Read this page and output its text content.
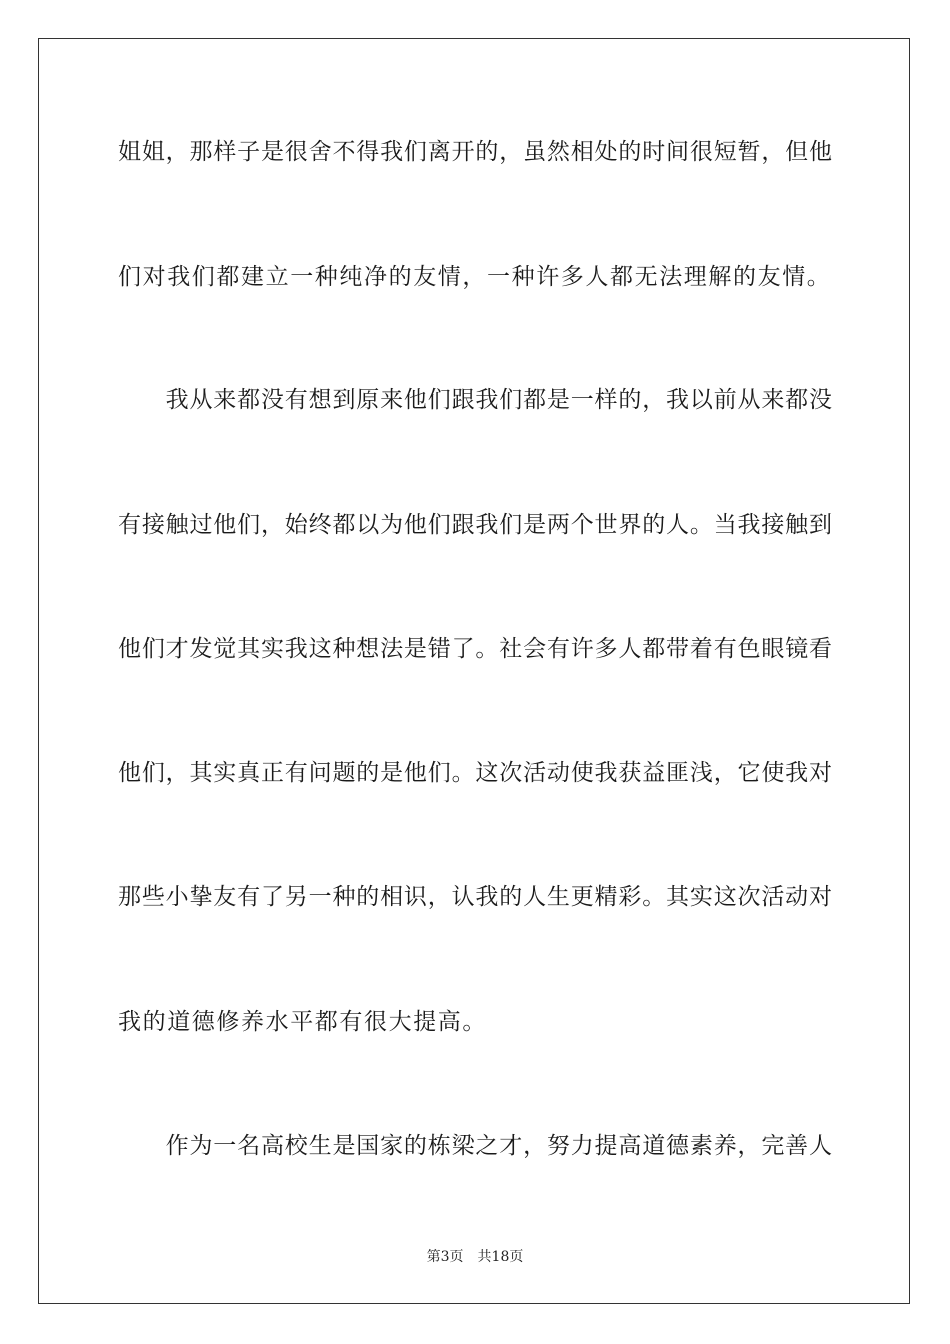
姐姐，那样子是很舍不得我们离开的，虽然相处的时间很短暂，但他
们对我们都建立一种纯净的友情，一种许多人都无法理解的友情。
　　我从来都没有想到原来他们跟我们都是一样的，我以前从来都没
有接触过他们，始终都以为他们跟我们是两个世界的人。当我接触到
他们才发觉其实我这种想法是错了。社会有许多人都带着有色眼镜看
他们，其实真正有问题的是他们。这次活动使我获益匪浅，它使我对
那些小挚友有了另一种的相识，认我的人生更精彩。其实这次活动对
我的道德修养水平都有很大提高。
　　作为一名高校生是国家的栋梁之才，努力提高道德素养，完善人
第3页 共18页
